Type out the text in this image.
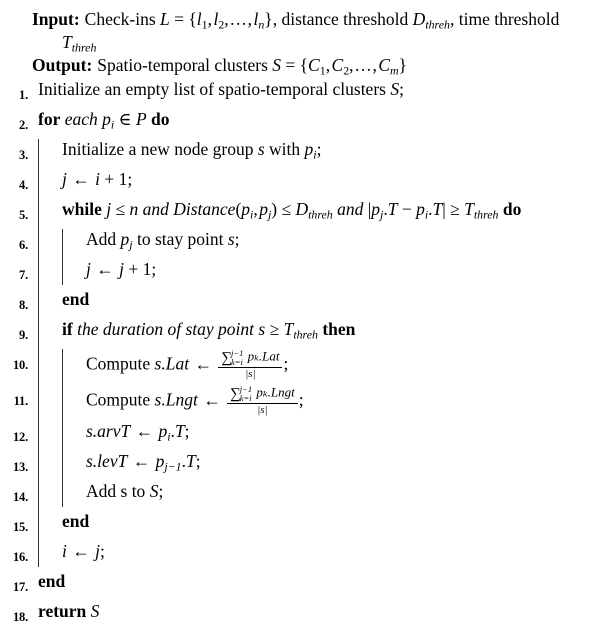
Input: Check-ins $L = \{l_1$, $l_2$, . . . , $l_n$}, distance threshold $D_{threh}$, time threshold
$T_{threh}$
Output: Spatio-temporal clusters $S = \{C_1$, $C_2$, . . . , $C_m$}
1. Initialize an empty list of spatio-temporal clusters S;
2. for each $p_i$ ∈ P do
3.	Initialize a new node group s with $p_i$;
4.	j ← i + 1;
5.	while j ≤ n and $Distance(p_i$, $p_j) \le D_{threh}$ and $|p_j.T - p_i.T| \ge T_{threh}$ do
6.	Add $p_j$ to stay point s;
7.	j ← j + 1;
8.	end
9.	if the duration of stay point $s \ge T_{threh}$ then
10.	Compute s.Lat ← ∑ j−1
k=i pₖ.Lat
|s| ;
11.	Compute s.Lngt ← ∑ j−1
k=i pₖ.Lngt
|s| ;
12.	s.arvT ← $p_i.T$;
13.	s.levT ← $p_{j-1}.T$;
14.	Add s to S;
15.	end
16.	i ← j;
17. end
18. return S
